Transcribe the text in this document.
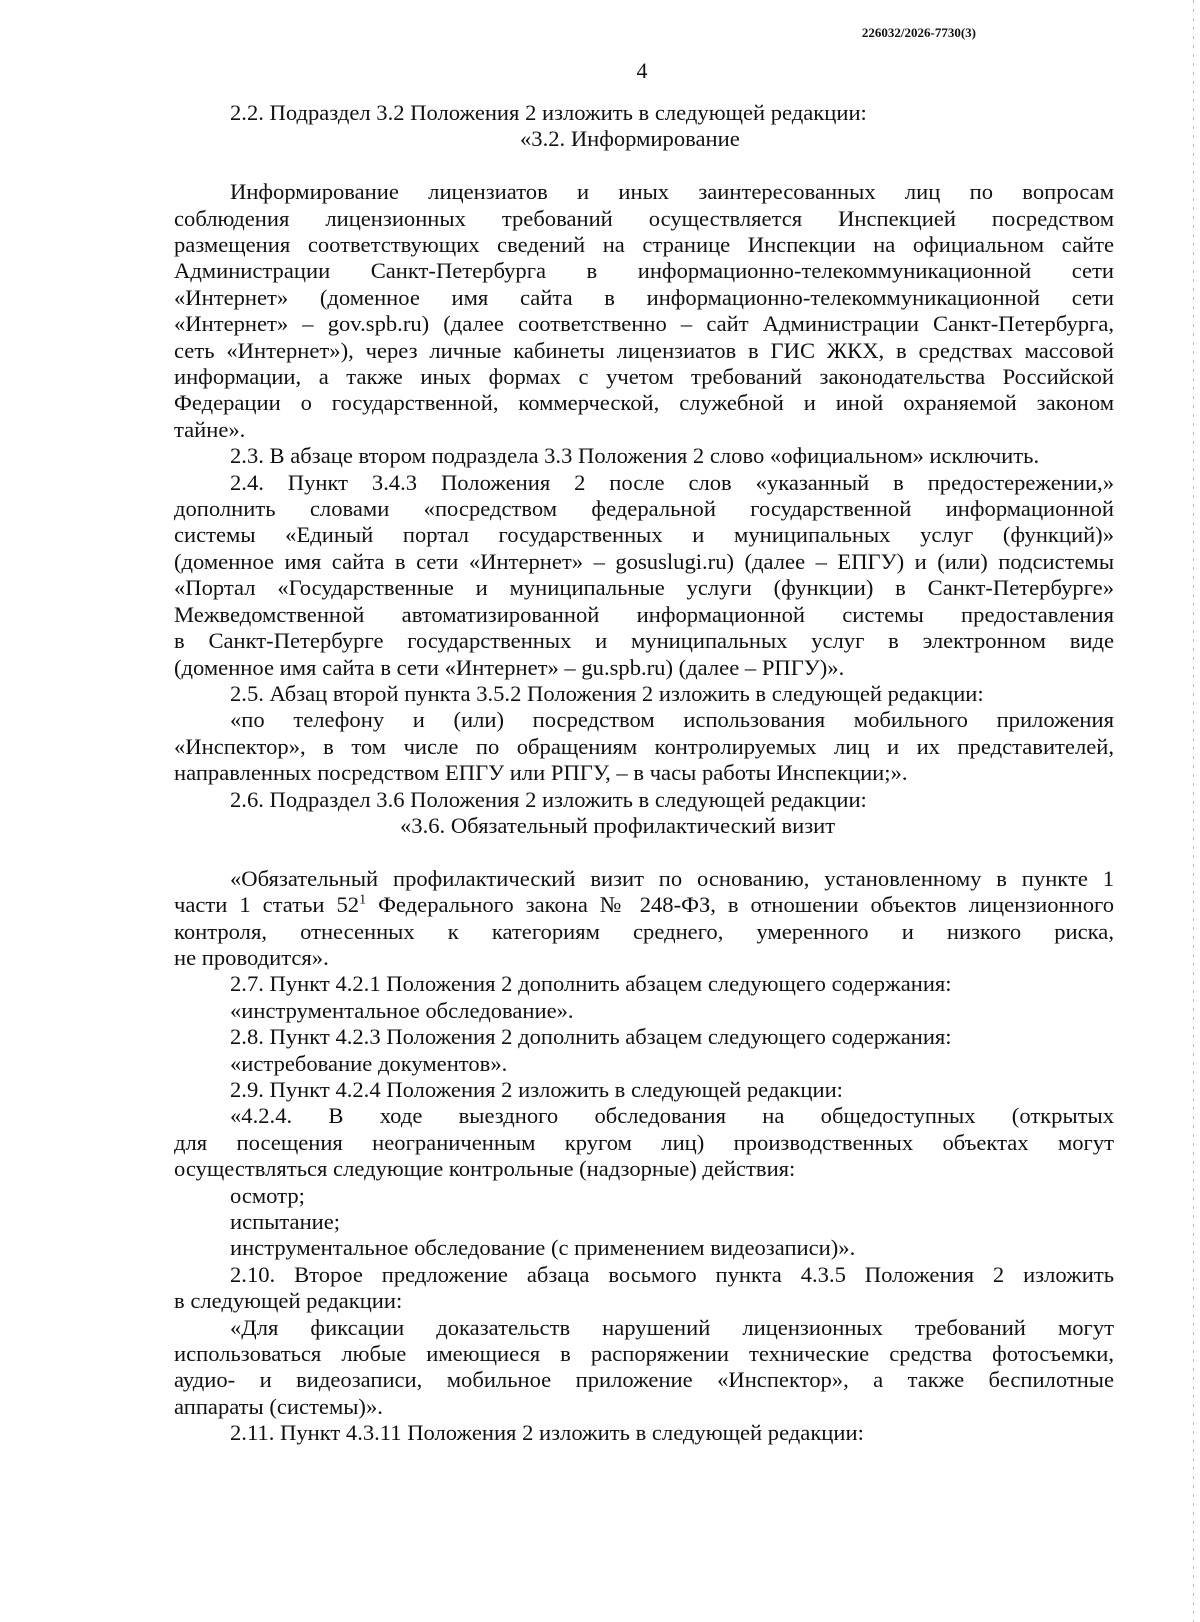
226032/2026-7730(3)
4
2.2. Подраздел 3.2 Положения 2 изложить в следующей редакции:
«3.2. Информирование
Информирование лицензиатов и иных заинтересованных лиц по вопросам
соблюдения лицензионных требований осуществляется Инспекцией посредством
размещения соответствующих сведений на странице Инспекции на официальном сайте
Администрации Санкт-Петербурга в информационно-телекоммуникационной сети
«Интернет» (доменное имя сайта в информационно-телекоммуникационной сети
«Интернет» – gov.spb.ru) (далее соответственно – сайт Администрации Санкт-Петербурга,
сеть «Интернет»), через личные кабинеты лицензиатов в ГИС ЖКХ, в средствах массовой
информации, а также иных формах с учетом требований законодательства Российской
Федерации о государственной, коммерческой, служебной и иной охраняемой законом
тайне».
2.3. В абзаце втором подраздела 3.3 Положения 2 слово «официальном» исключить.
2.4. Пункт 3.4.3 Положения 2 после слов «указанный в предостережении,»
дополнить словами «посредством федеральной государственной информационной
системы «Единый портал государственных и муниципальных услуг (функций)»
(доменное имя сайта в сети «Интернет» – gosuslugi.ru) (далее – ЕПГУ) и (или) подсистемы
«Портал «Государственные и муниципальные услуги (функции) в Санкт-Петербурге»
Межведомственной автоматизированной информационной системы предоставления
в Санкт-Петербурге государственных и муниципальных услуг в электронном виде
(доменное имя сайта в сети «Интернет» – gu.spb.ru) (далее – РПГУ)».
2.5. Абзац второй пункта 3.5.2 Положения 2 изложить в следующей редакции:
«по телефону и (или) посредством использования мобильного приложения
«Инспектор», в том числе по обращениям контролируемых лиц и их представителей,
направленных посредством ЕПГУ или РПГУ, – в часы работы Инспекции;».
2.6. Подраздел 3.6 Положения 2 изложить в следующей редакции:
«3.6. Обязательный профилактический визит
«Обязательный профилактический визит по основанию, установленному в пункте 1
части 1 статьи $52^1$ Федерального закона № 248-ФЗ, в отношении объектов лицензионного
контроля, отнесенных к категориям среднего, умеренного и низкого риска,
не проводится».
2.7. Пункт 4.2.1 Положения 2 дополнить абзацем следующего содержания:
«инструментальное обследование».
2.8. Пункт 4.2.3 Положения 2 дополнить абзацем следующего содержания:
«истребование документов».
2.9. Пункт 4.2.4 Положения 2 изложить в следующей редакции:
«4.2.4. В ходе выездного обследования на общедоступных (открытых
для посещения неограниченным кругом лиц) производственных объектах могут
осуществляться следующие контрольные (надзорные) действия:
осмотр;
испытание;
инструментальное обследование (с применением видеозаписи)».
2.10. Второе предложение абзаца восьмого пункта 4.3.5 Положения 2 изложить
в следующей редакции:
«Для фиксации доказательств нарушений лицензионных требований могут
использоваться любые имеющиеся в распоряжении технические средства фотосъемки,
аудио- и видеозаписи, мобильное приложение «Инспектор», а также беспилотные
аппараты (системы)».
2.11. Пункт 4.3.11 Положения 2 изложить в следующей редакции:
